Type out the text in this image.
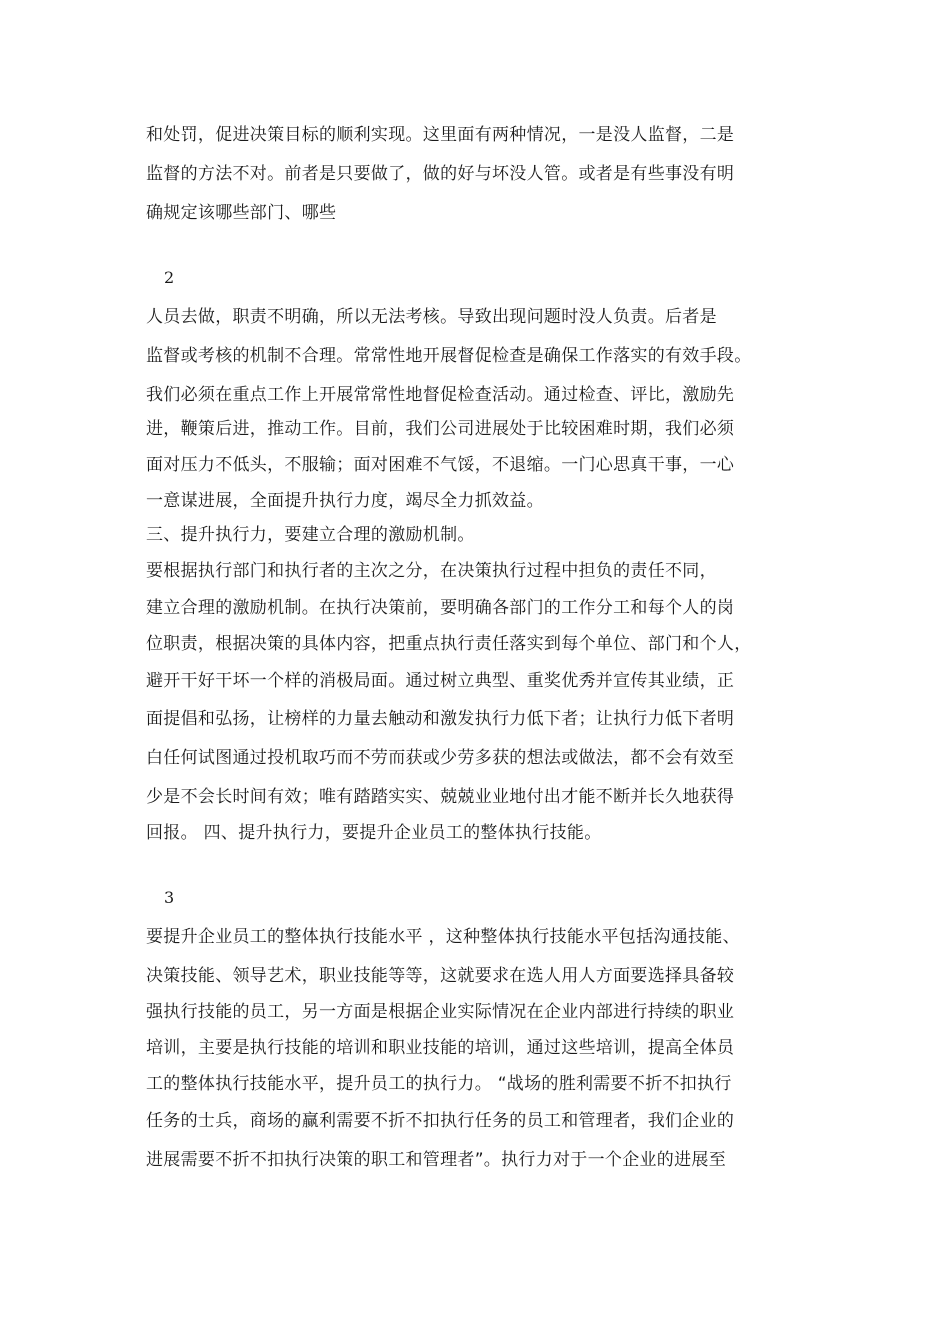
和处罚，促进决策目标的顺利实现。这里面有两种情况，一是没人监督，二是
监督的方法不对。前者是只要做了，做的好与坏没人管。或者是有些事没有明
确规定该哪些部门、哪些
2
人员去做，职责不明确，所以无法考核。导致出现问题时没人负责。后者是
监督或考核的机制不合理。常常性地开展督促检查是确保工作落实的有效手段。
我们必须在重点工作上开展常常性地督促检查活动。通过检查、评比，激励先
进，鞭策后进，推动工作。目前，我们公司进展处于比较困难时期，我们必须
面对压力不低头，不服输；面对困难不气馁，不退缩。一门心思真干事，一心
一意谋进展，全面提升执行力度，竭尽全力抓效益。
三、提升执行力，要建立合理的激励机制。
要根据执行部门和执行者的主次之分，在决策执行过程中担负的责任不同，
建立合理的激励机制。在执行决策前，要明确各部门的工作分工和每个人的岗
位职责，根据决策的具体内容，把重点执行责任落实到每个单位、部门和个人，
避开干好干坏一个样的消极局面。通过树立典型、重奖优秀并宣传其业绩，正
面提倡和弘扬，让榜样的力量去触动和激发执行力低下者；让执行力低下者明
白任何试图通过投机取巧而不劳而获或少劳多获的想法或做法，都不会有效至
少是不会长时间有效；唯有踏踏实实、兢兢业业地付出才能不断并长久地获得
回报。 四、提升执行力，要提升企业员工的整体执行技能。
3
要提升企业员工的整体执行技能水平 ，这种整体执行技能水平包括沟通技能、
决策技能、领导艺术，职业技能等等，这就要求在选人用人方面要选择具备较
强执行技能的员工，另一方面是根据企业实际情况在企业内部进行持续的职业
培训，主要是执行技能的培训和职业技能的培训，通过这些培训，提高全体员
工的整体执行技能水平，提升员工的执行力。 “战场的胜利需要不折不扣执行
任务的士兵，商场的赢利需要不折不扣执行任务的员工和管理者，我们企业的
进展需要不折不扣执行决策的职工和管理者”。执行力对于一个企业的进展至
